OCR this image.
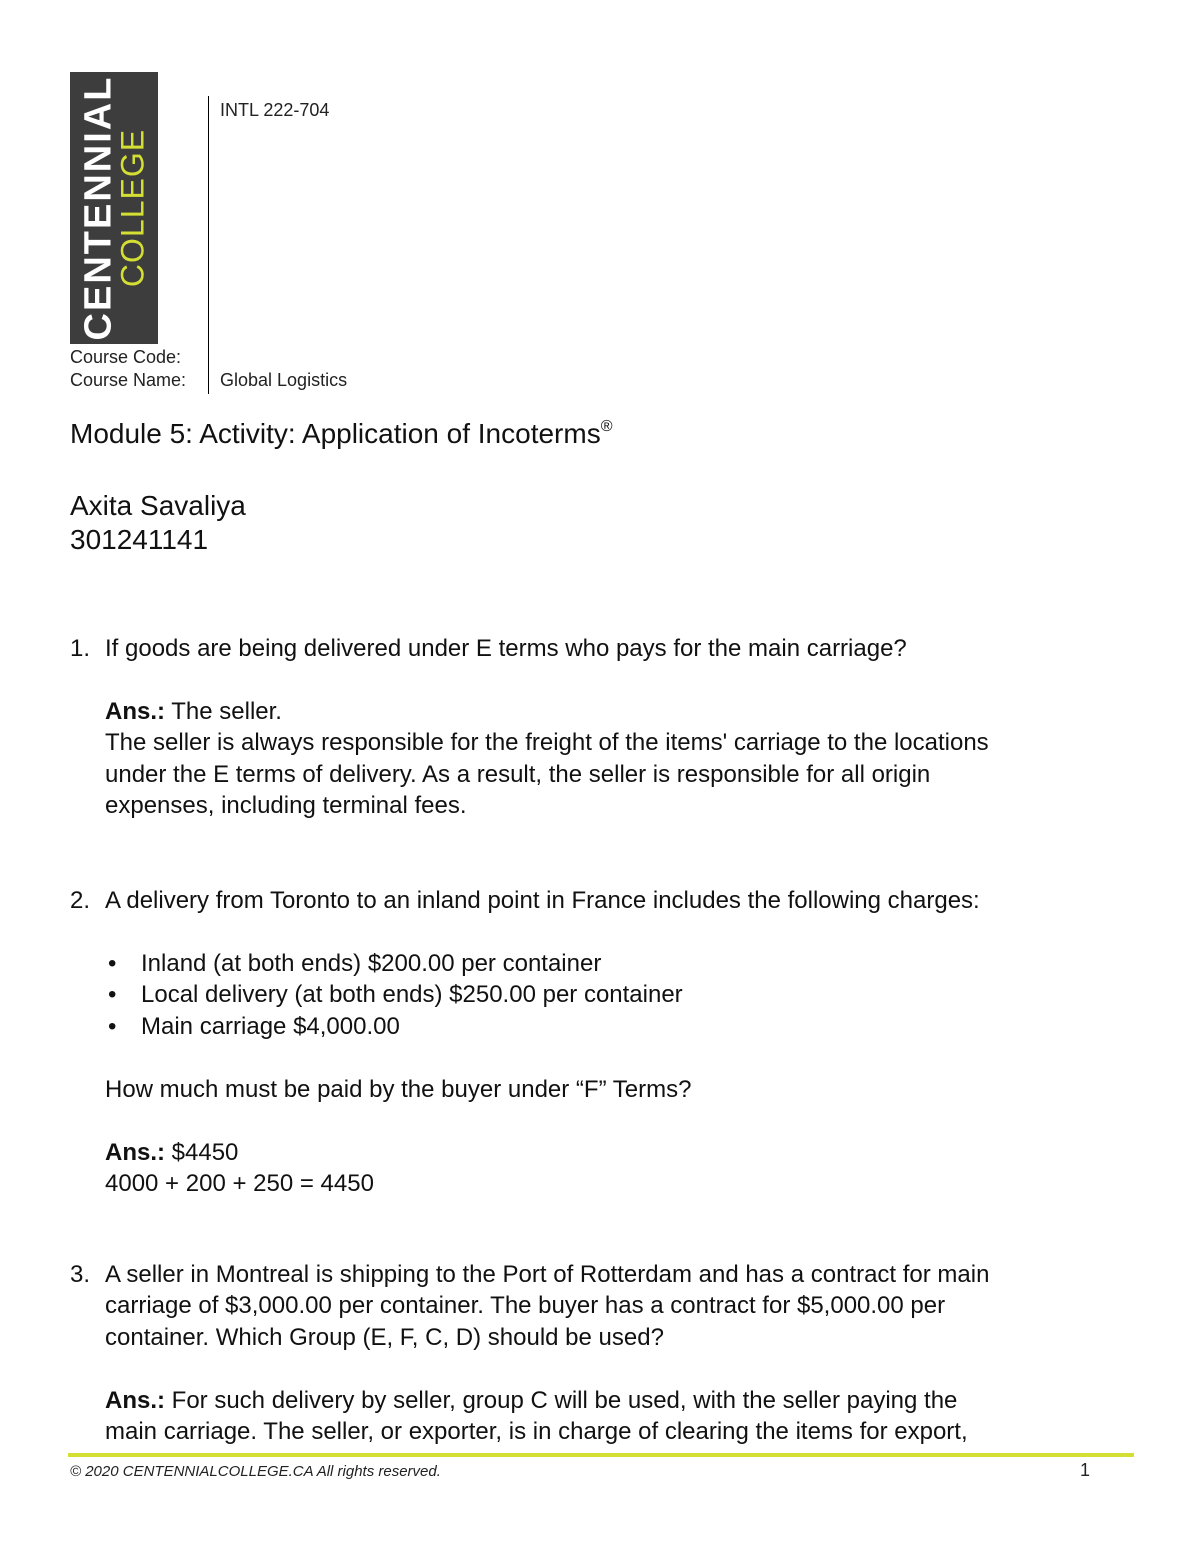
CENTENNIAL
COLLEGE
INTL 222-704
Course Code:
Course Name: Global Logistics
Module 5: Activity: Application of Incoterms®
Axita Savaliya
301241141
1. If goods are being delivered under E terms who pays for the main carriage?
Ans.: The seller.
The seller is always responsible for the freight of the items' carriage to the locations
under the E terms of delivery. As a result, the seller is responsible for all origin
expenses, including terminal fees.
2. A delivery from Toronto to an inland point in France includes the following charges:
• Inland (at both ends) $200.00 per container
• Local delivery (at both ends) $250.00 per container
• Main carriage $4,000.00
How much must be paid by the buyer under “F” Terms?
Ans.: $4450
4000 + 200 + 250 = 4450
3. A seller in Montreal is shipping to the Port of Rotterdam and has a contract for main
carriage of $3,000.00 per container. The buyer has a contract for $5,000.00 per
container. Which Group (E, F, C, D) should be used?
Ans.: For such delivery by seller, group C will be used, with the seller paying the
main carriage. The seller, or exporter, is in charge of clearing the items for export,
© 2020 CENTENNIALCOLLEGE.CA All rights reserved.	1
